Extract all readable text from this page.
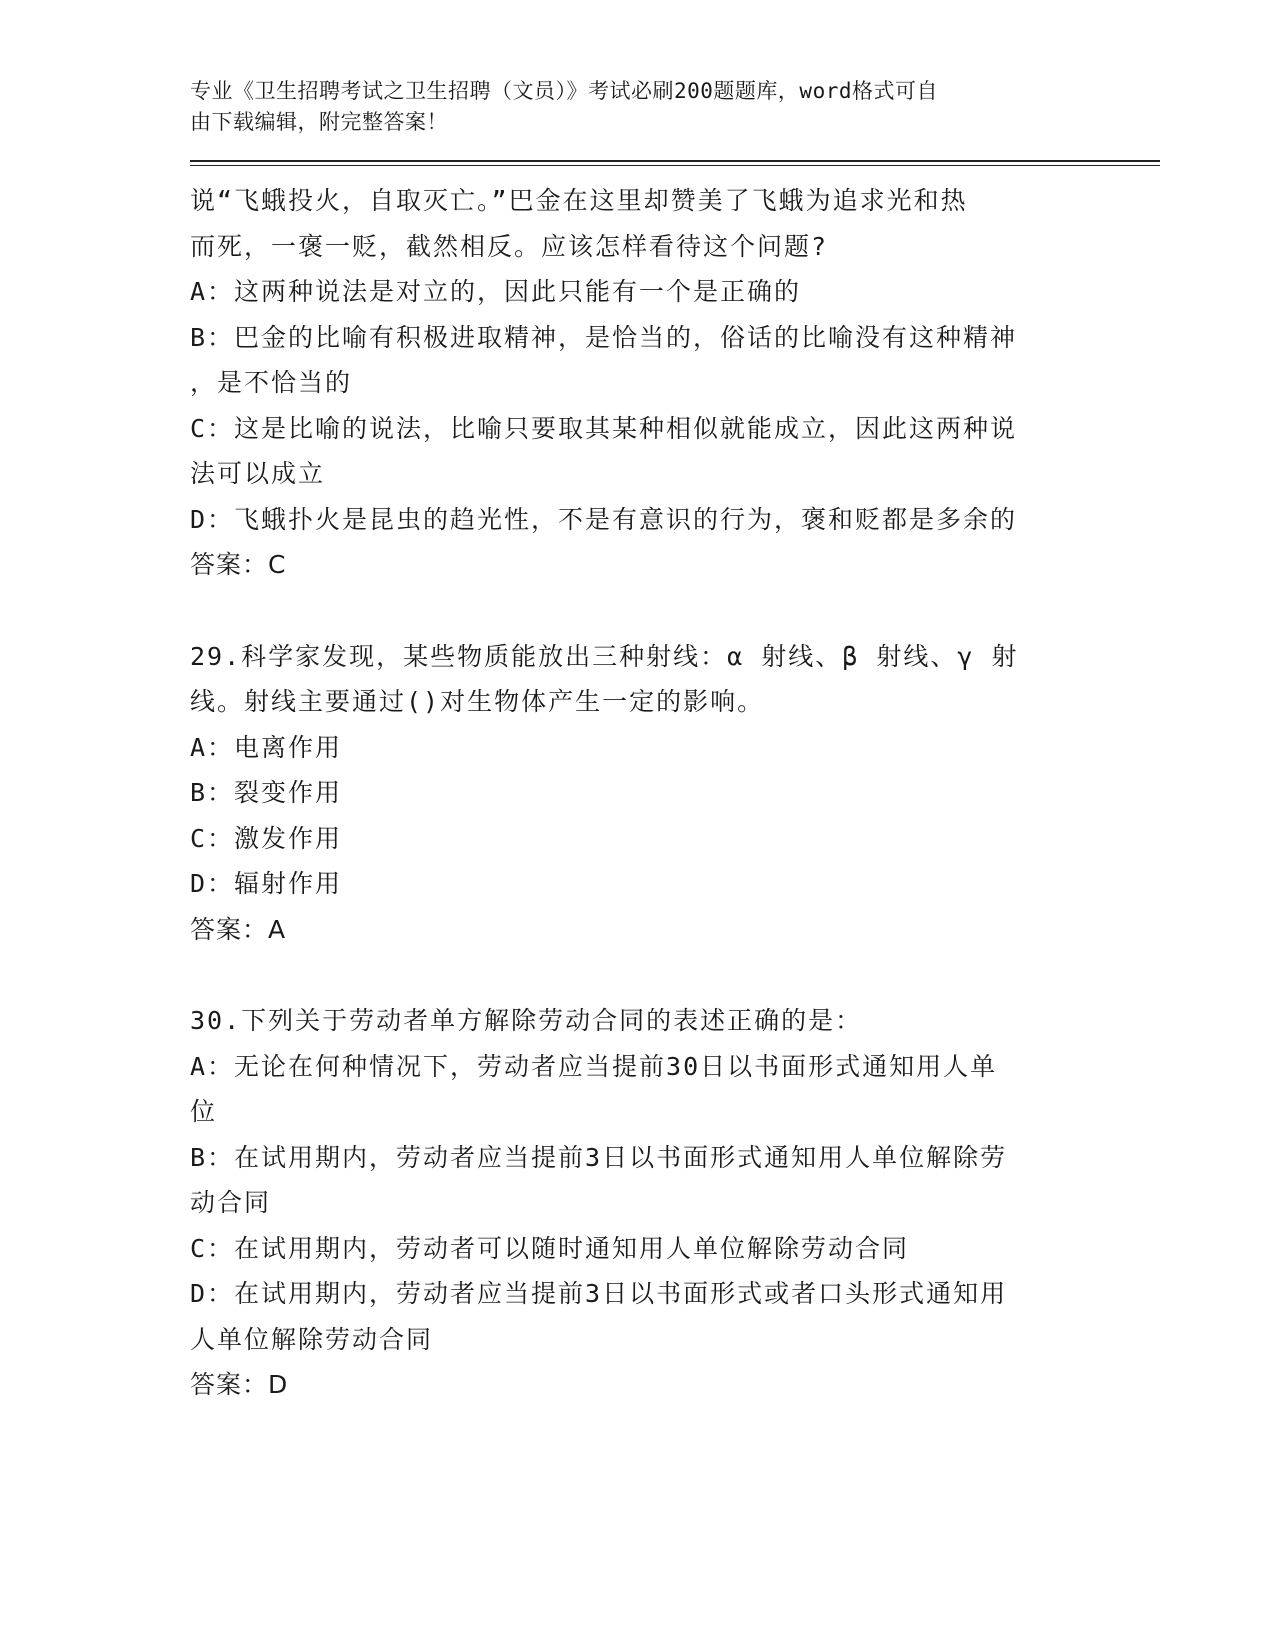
专业《卫生招聘考试之卫生招聘（文员）》考试必刷200题题库，word格式可自
由下载编辑，附完整答案！
说“飞蛾投火，自取灭亡。”巴金在这里却赞美了飞蛾为追求光和热
而死，一褒一贬，截然相反。应该怎样看待这个问题?
A：这两种说法是对立的，因此只能有一个是正确的
B：巴金的比喻有积极进取精神，是恰当的，俗话的比喻没有这种精神
，是不恰当的
C：这是比喻的说法，比喻只要取其某种相似就能成立，因此这两种说
法可以成立
D：飞蛾扑火是昆虫的趋光性，不是有意识的行为，褒和贬都是多余的
答案：C
29.科学家发现，某些物质能放出三种射线：α 射线、β 射线、γ 射
线。射线主要通过()对生物体产生一定的影响。
A：电离作用
B：裂变作用
C：激发作用
D：辐射作用
答案：A
30.下列关于劳动者单方解除劳动合同的表述正确的是：
A：无论在何种情况下，劳动者应当提前30日以书面形式通知用人单
位
B：在试用期内，劳动者应当提前3日以书面形式通知用人单位解除劳
动合同
C：在试用期内，劳动者可以随时通知用人单位解除劳动合同
D：在试用期内，劳动者应当提前3日以书面形式或者口头形式通知用
人单位解除劳动合同
答案：D
